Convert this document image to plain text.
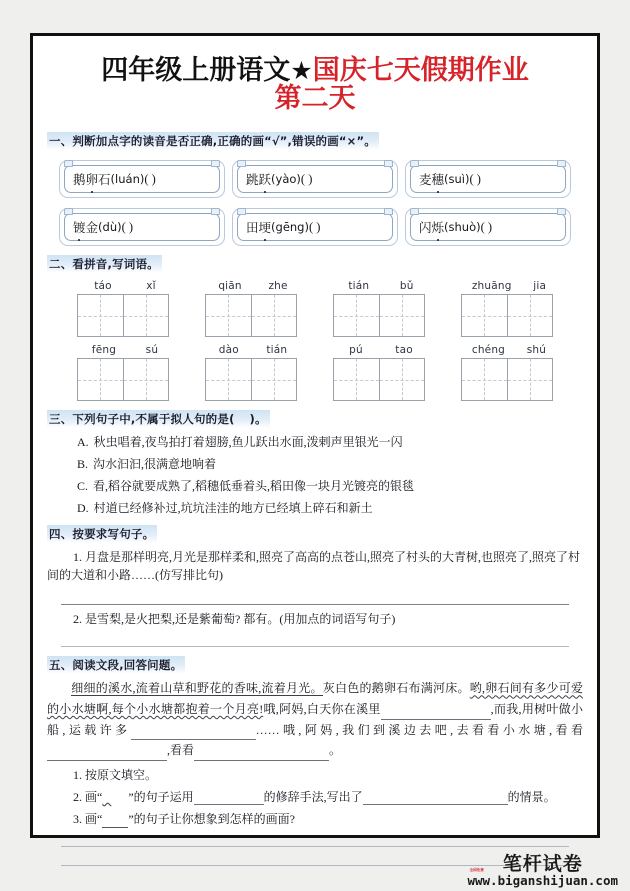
四年级上册语文★国庆七天假期作业
第二天
一、判断加点字的读音是否正确,正确的画“√”,错误的画“×”。
鹅 卵 石 (luán) ( )	跳 跃 (yào) ( )	麦 穗 (suì) ( )
镀 金 (dù) ( )	田 埂 (gēng) ( )	闪 烁 (shuò) ( )
二、看拼音,写词语。
táo	xǐ	qiān	zhe	tián	bǔ	zhuāng jia
fēng	sú	dào	tián	pú	tao	chéng shú
三、下列句子中,不属于拟人句的是( )。
A. 秋虫唱着,夜鸟拍打着翅膀,鱼儿跃出水面,泼剌声里银光一闪
B. 沟水汩汩,很满意地响着
C. 看,稻谷就要成熟了,稻穗低垂着头,稻田像一块月光镀亮的银毯
D. 村道已经修补过,坑坑洼洼的地方已经填上碎石和新土
四、按要求写句子。
1. 月盘是那样明亮,月光是那样柔和,照亮了高高的点苍山,照亮了村头的大青树,也照亮了,照亮了村间的大道和小路……(仿写排比句)
2. 是雪梨,是火把梨,还是紫葡萄? 都有。(用加点的词语写句子)
五、阅读文段,回答问题。
细细的溪水,流着山草和野花的香味,流着月光。灰白色的鹅卵石布满河床。哟,卵石间有多少可爱的小水塘啊,每个小水塘都抱着一个月亮!哦,阿妈,白天你在溪里	,而我,用树叶做小船,运载许多	……哦,阿妈,我们到溪边去吧,去看看小水塘,看看,看看	。
1. 按原文填空。
2. 画“ ”的句子运用	的修辞手法,写出了	的情景。
3. 画“ ”的句子让你想象到怎样的画面?
全国免费 笔杆试卷
www.biganshijuan.com
